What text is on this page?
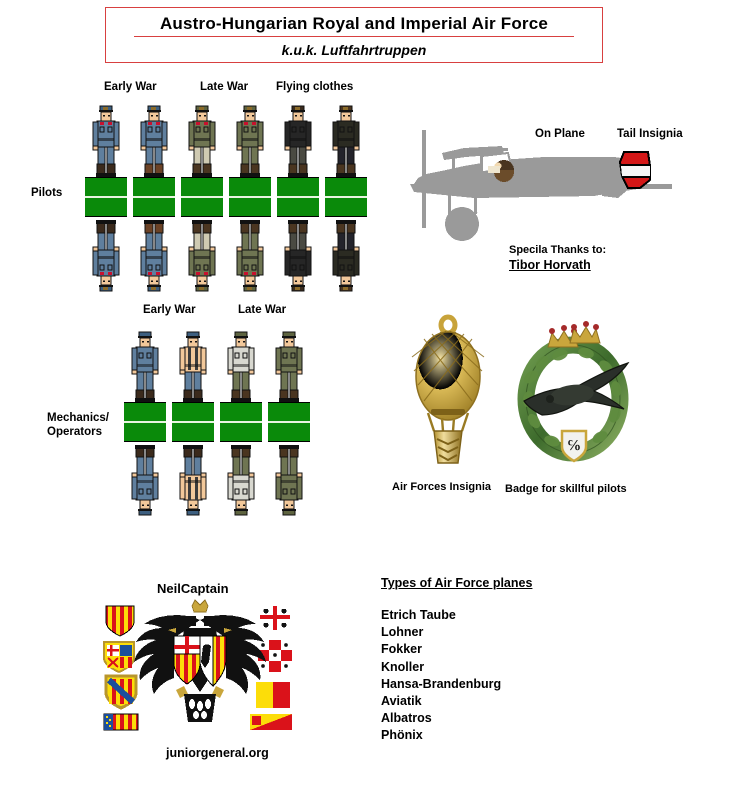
Austro-Hungarian Royal and Imperial Air Force
k.u.k. Luftfahrtruppen
Early War	Late War Flying clothes
Pilots
Early War	Late War
Mechanics/
Operators
On Plane	Tail Insignia
Specila Thanks to:
Tibor Horvath
℅
Air Forces Insignia Badge for skillful pilots
NeilCaptain
juniorgeneral.org
Types of Air Force planes
Etrich Taube
Lohner
Fokker
Knoller
Hansa-Brandenburg
Aviatik
Albatros
Phönix
